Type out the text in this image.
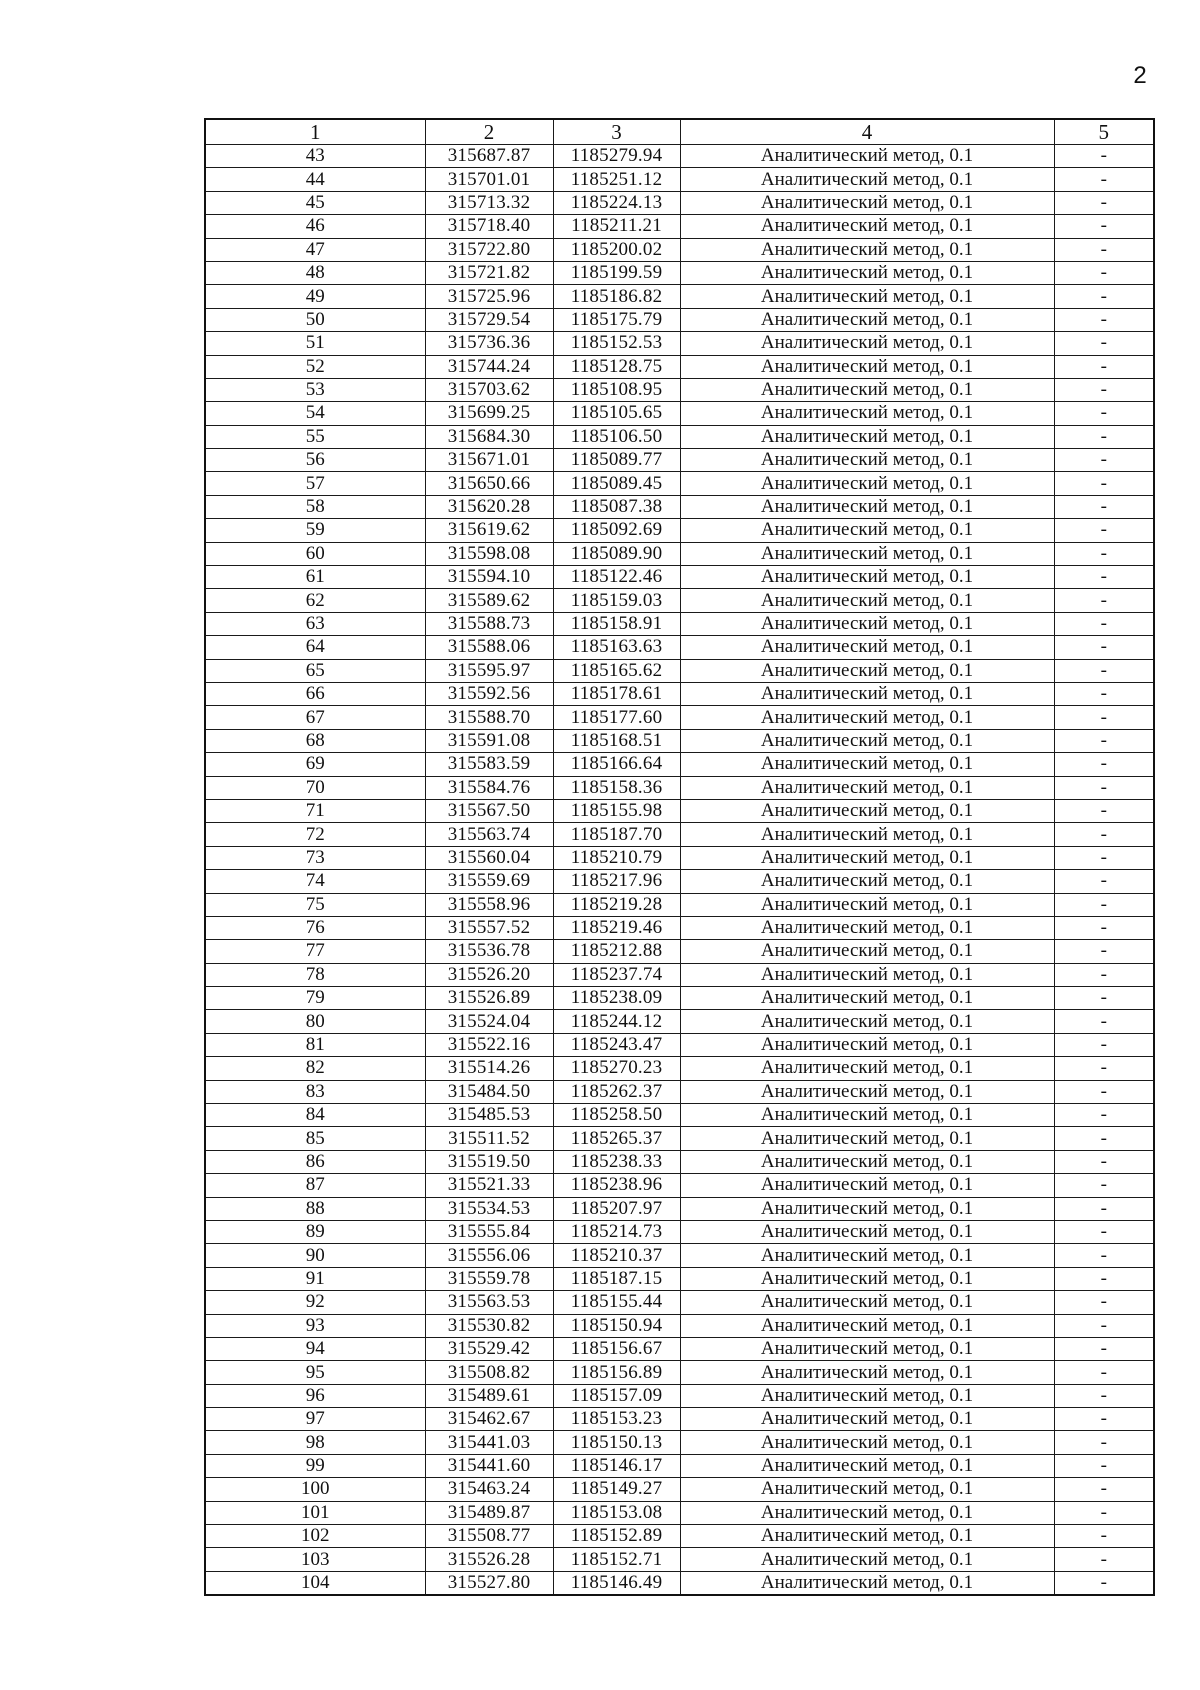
2
1	2	3	4	5
43	315687.87	1185279.94	Аналитический метод, 0.1	-
44	315701.01	1185251.12	Аналитический метод, 0.1	-
45	315713.32	1185224.13	Аналитический метод, 0.1	-
46	315718.40	1185211.21	Аналитический метод, 0.1	-
47	315722.80	1185200.02	Аналитический метод, 0.1	-
48	315721.82	1185199.59	Аналитический метод, 0.1	-
49	315725.96	1185186.82	Аналитический метод, 0.1	-
50	315729.54	1185175.79	Аналитический метод, 0.1	-
51	315736.36	1185152.53	Аналитический метод, 0.1	-
52	315744.24	1185128.75	Аналитический метод, 0.1	-
53	315703.62	1185108.95	Аналитический метод, 0.1	-
54	315699.25	1185105.65	Аналитический метод, 0.1	-
55	315684.30	1185106.50	Аналитический метод, 0.1	-
56	315671.01	1185089.77	Аналитический метод, 0.1	-
57	315650.66	1185089.45	Аналитический метод, 0.1	-
58	315620.28	1185087.38	Аналитический метод, 0.1	-
59	315619.62	1185092.69	Аналитический метод, 0.1	-
60	315598.08	1185089.90	Аналитический метод, 0.1	-
61	315594.10	1185122.46	Аналитический метод, 0.1	-
62	315589.62	1185159.03	Аналитический метод, 0.1	-
63	315588.73	1185158.91	Аналитический метод, 0.1	-
64	315588.06	1185163.63	Аналитический метод, 0.1	-
65	315595.97	1185165.62	Аналитический метод, 0.1	-
66	315592.56	1185178.61	Аналитический метод, 0.1	-
67	315588.70	1185177.60	Аналитический метод, 0.1	-
68	315591.08	1185168.51	Аналитический метод, 0.1	-
69	315583.59	1185166.64	Аналитический метод, 0.1	-
70	315584.76	1185158.36	Аналитический метод, 0.1	-
71	315567.50	1185155.98	Аналитический метод, 0.1	-
72	315563.74	1185187.70	Аналитический метод, 0.1	-
73	315560.04	1185210.79	Аналитический метод, 0.1	-
74	315559.69	1185217.96	Аналитический метод, 0.1	-
75	315558.96	1185219.28	Аналитический метод, 0.1	-
76	315557.52	1185219.46	Аналитический метод, 0.1	-
77	315536.78	1185212.88	Аналитический метод, 0.1	-
78	315526.20	1185237.74	Аналитический метод, 0.1	-
79	315526.89	1185238.09	Аналитический метод, 0.1	-
80	315524.04	1185244.12	Аналитический метод, 0.1	-
81	315522.16	1185243.47	Аналитический метод, 0.1	-
82	315514.26	1185270.23	Аналитический метод, 0.1	-
83	315484.50	1185262.37	Аналитический метод, 0.1	-
84	315485.53	1185258.50	Аналитический метод, 0.1	-
85	315511.52	1185265.37	Аналитический метод, 0.1	-
86	315519.50	1185238.33	Аналитический метод, 0.1	-
87	315521.33	1185238.96	Аналитический метод, 0.1	-
88	315534.53	1185207.97	Аналитический метод, 0.1	-
89	315555.84	1185214.73	Аналитический метод, 0.1	-
90	315556.06	1185210.37	Аналитический метод, 0.1	-
91	315559.78	1185187.15	Аналитический метод, 0.1	-
92	315563.53	1185155.44	Аналитический метод, 0.1	-
93	315530.82	1185150.94	Аналитический метод, 0.1	-
94	315529.42	1185156.67	Аналитический метод, 0.1	-
95	315508.82	1185156.89	Аналитический метод, 0.1	-
96	315489.61	1185157.09	Аналитический метод, 0.1	-
97	315462.67	1185153.23	Аналитический метод, 0.1	-
98	315441.03	1185150.13	Аналитический метод, 0.1	-
99	315441.60	1185146.17	Аналитический метод, 0.1	-
100	315463.24	1185149.27	Аналитический метод, 0.1	-
101	315489.87	1185153.08	Аналитический метод, 0.1	-
102	315508.77	1185152.89	Аналитический метод, 0.1	-
103	315526.28	1185152.71	Аналитический метод, 0.1	-
104	315527.80	1185146.49	Аналитический метод, 0.1	-
